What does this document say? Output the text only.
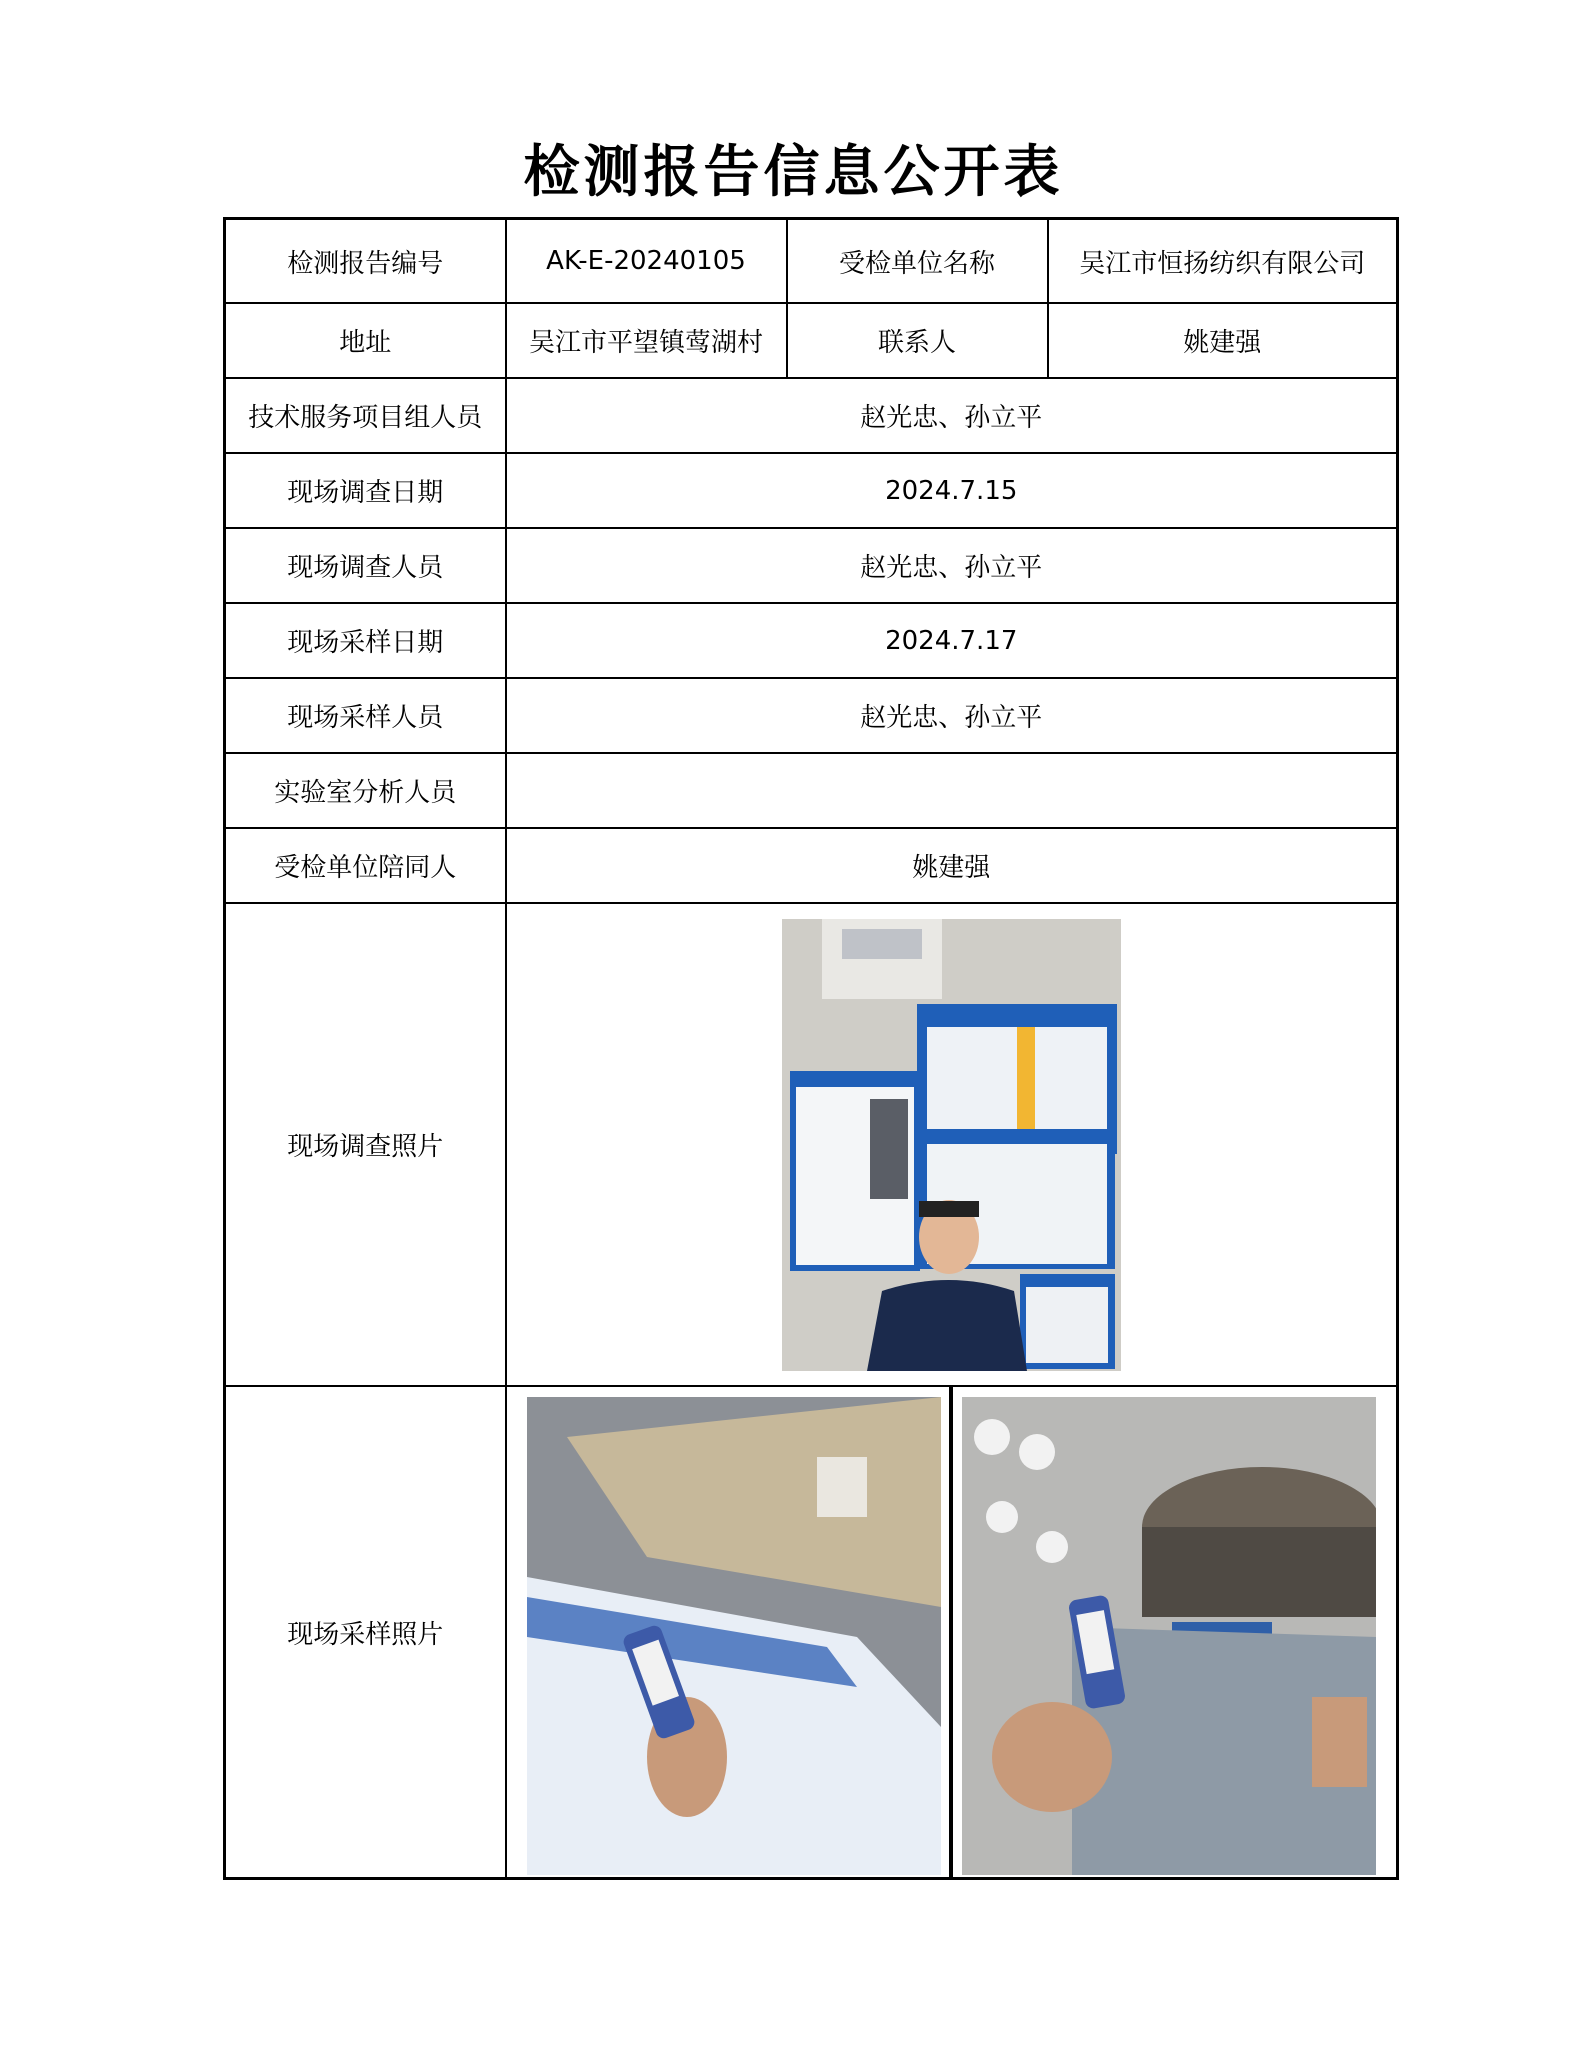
检测报告信息公开表
检测报告编号	AK-E-20240105	受检单位名称	吴江市恒扬纺织有限公司
地址	吴江市平望镇莺湖村	联系人	姚建强
技术服务项目组人员	赵光忠、孙立平		
现场调查日期	2024.7.15		
现场调查人员	赵光忠、孙立平		
现场采样日期	2024.7.17		
现场采样人员	赵光忠、孙立平		
实验室分析人员			
受检单位陪同人	姚建强		
现场调查照片	

现场采样照片	
